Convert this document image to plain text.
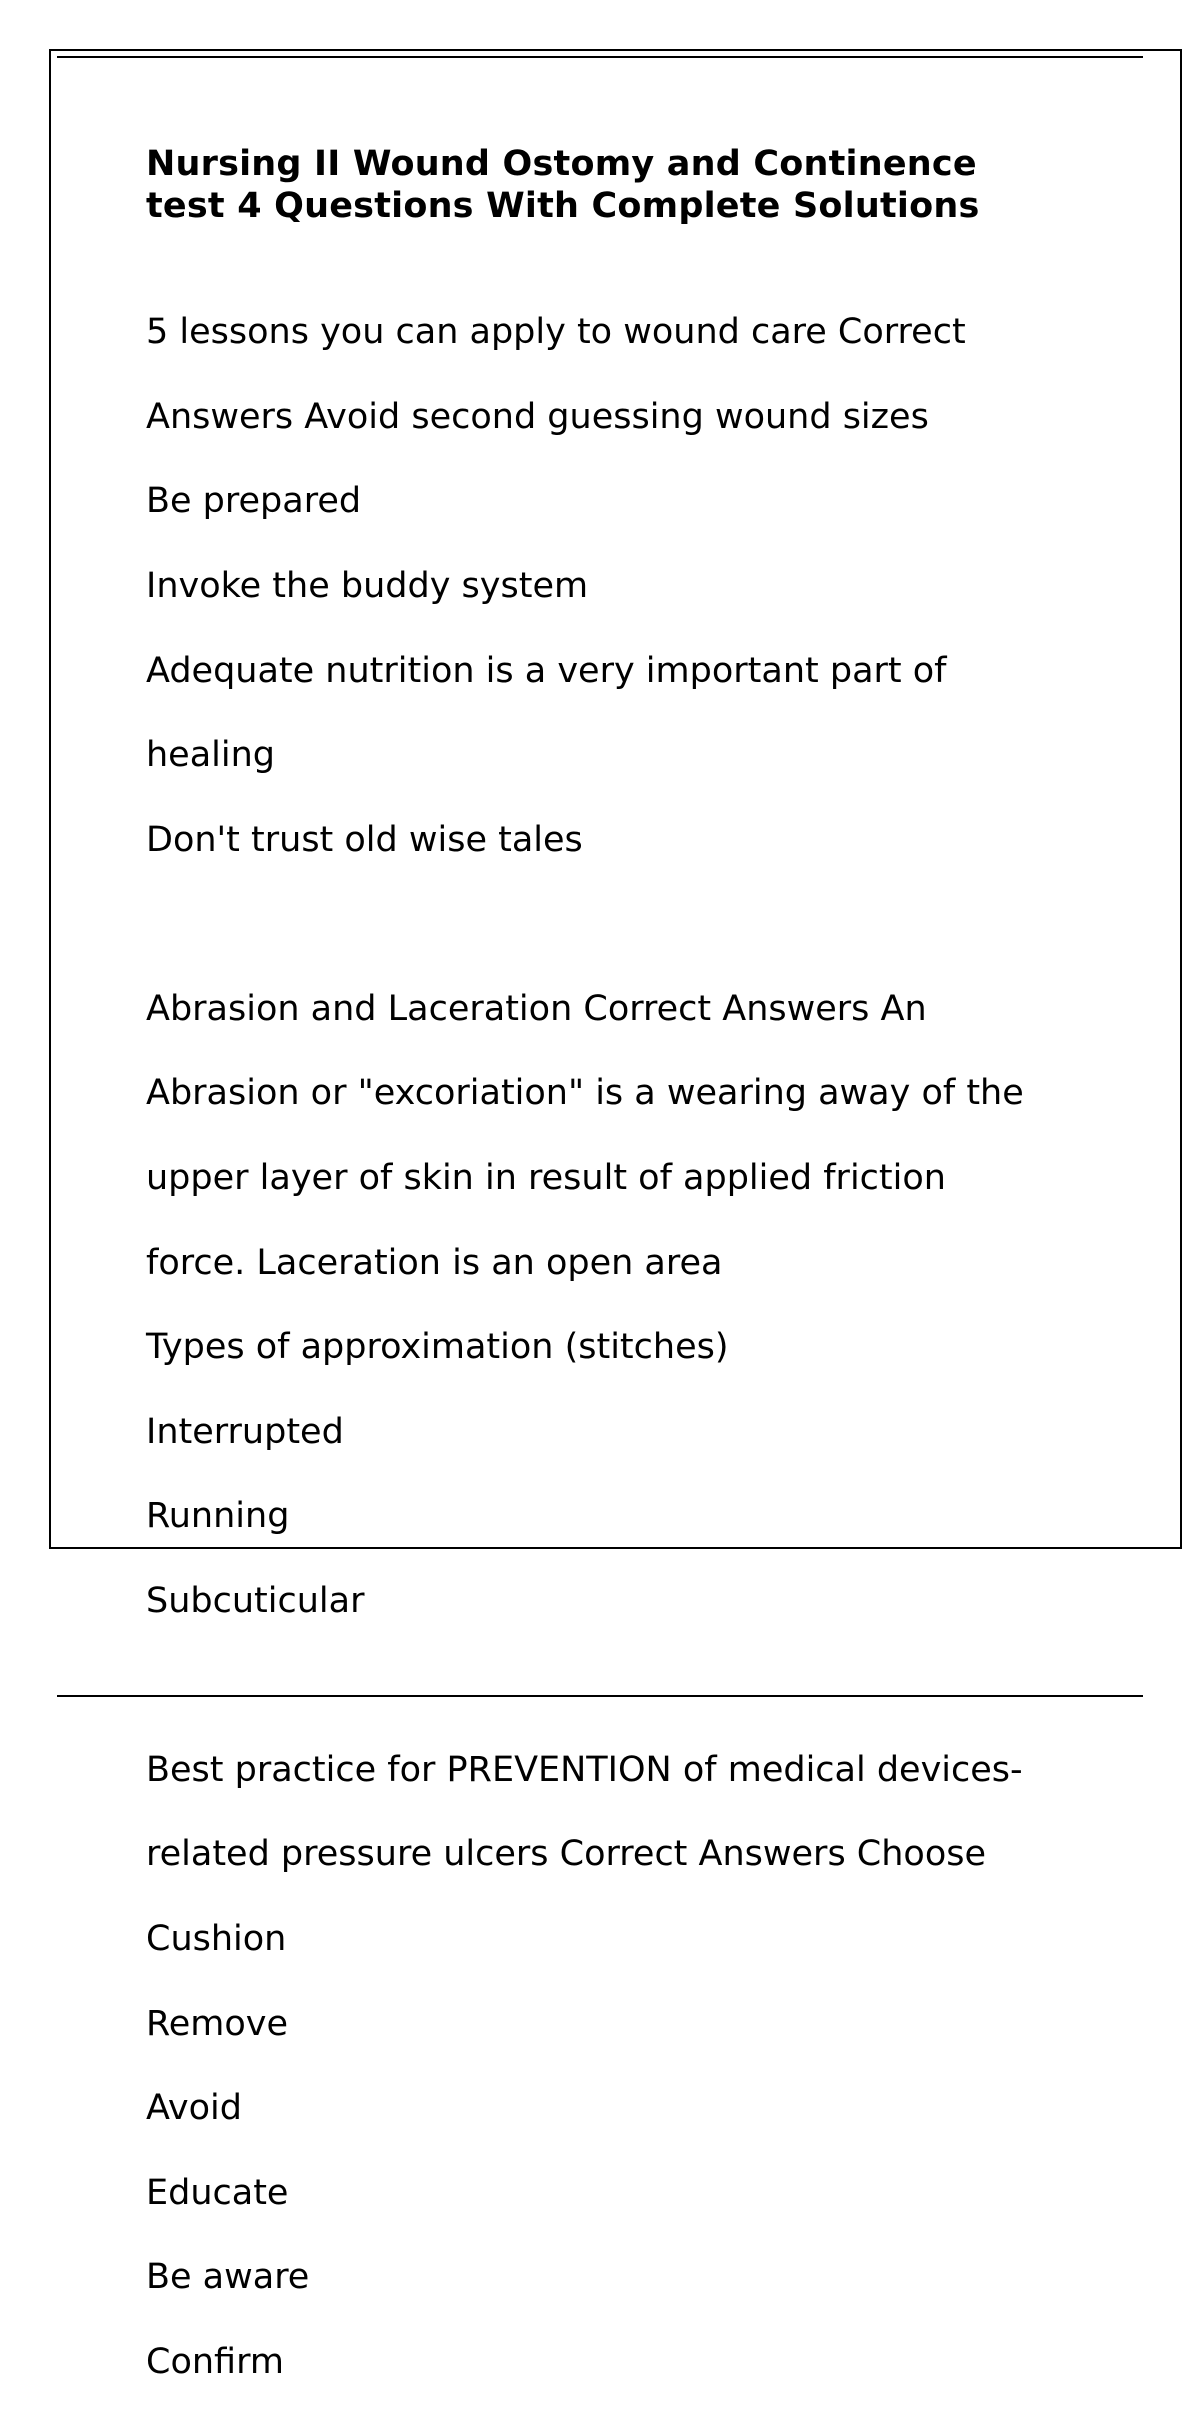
Nursing II Wound Ostomy and Continence
test 4 Questions With Complete Solutions

5 lessons you can apply to wound care Correct

Answers Avoid second guessing wound sizes

Be prepared

Invoke the buddy system

Adequate nutrition is a very important part of

healing

Don't trust old wise tales

Abrasion and Laceration Correct Answers An

Abrasion or "excoriation" is a wearing away of the

upper layer of skin in result of applied friction

force. Laceration is an open area

Types of approximation (stitches)

Interrupted

Running

Subcuticular

Best practice for PREVENTION of medical devices-

related pressure ulcers Correct Answers Choose

Cushion

Remove

Avoid

Educate

Be aware

Confirm
